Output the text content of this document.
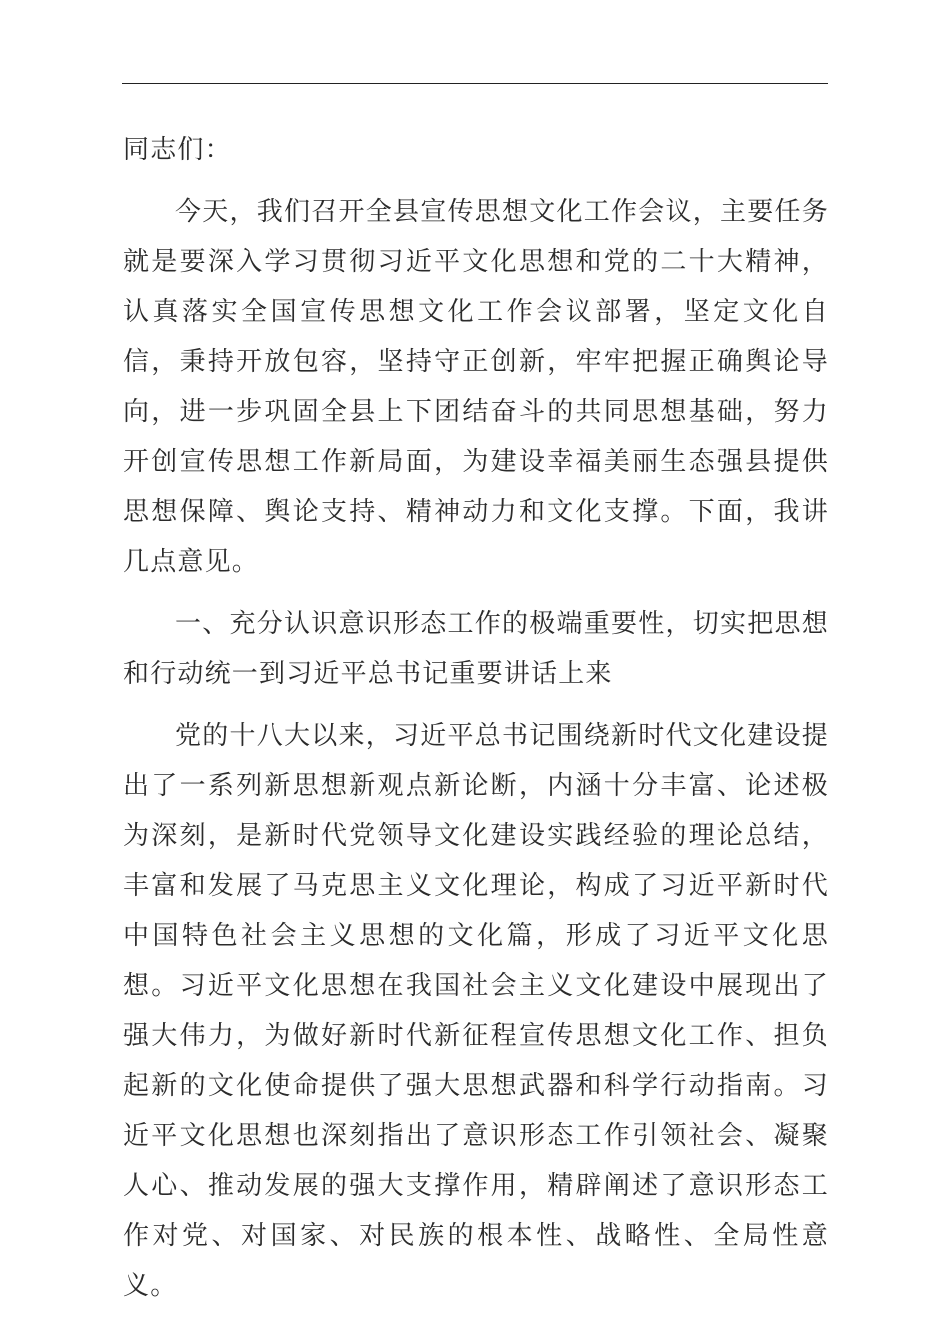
同志们：

今天，我们召开全县宣传思想文化工作会议，主要任务就是要深入学习贯彻习近平文化思想和党的二十大精神，认真落实全国宣传思想文化工作会议部署，坚定文化自信，秉持开放包容，坚持守正创新，牢牢把握正确舆论导向，进一步巩固全县上下团结奋斗的共同思想基础，努力开创宣传思想工作新局面，为建设幸福美丽生态强县提供思想保障、舆论支持、精神动力和文化支撑。下面，我讲几点意见。

一、充分认识意识形态工作的极端重要性，切实把思想和行动统一到习近平总书记重要讲话上来

党的十八大以来，习近平总书记围绕新时代文化建设提出了一系列新思想新观点新论断，内涵十分丰富、论述极为深刻，是新时代党领导文化建设实践经验的理论总结，丰富和发展了马克思主义文化理论，构成了习近平新时代中国特色社会主义思想的文化篇，形成了习近平文化思想。习近平文化思想在我国社会主义文化建设中展现出了强大伟力，为做好新时代新征程宣传思想文化工作、担负起新的文化使命提供了强大思想武器和科学行动指南。习近平文化思想也深刻指出了意识形态工作引领社会、凝聚人心、推动发展的强大支撑作用，精辟阐述了意识形态工作对党、对国家、对民族的根本性、战略性、全局性意义。
